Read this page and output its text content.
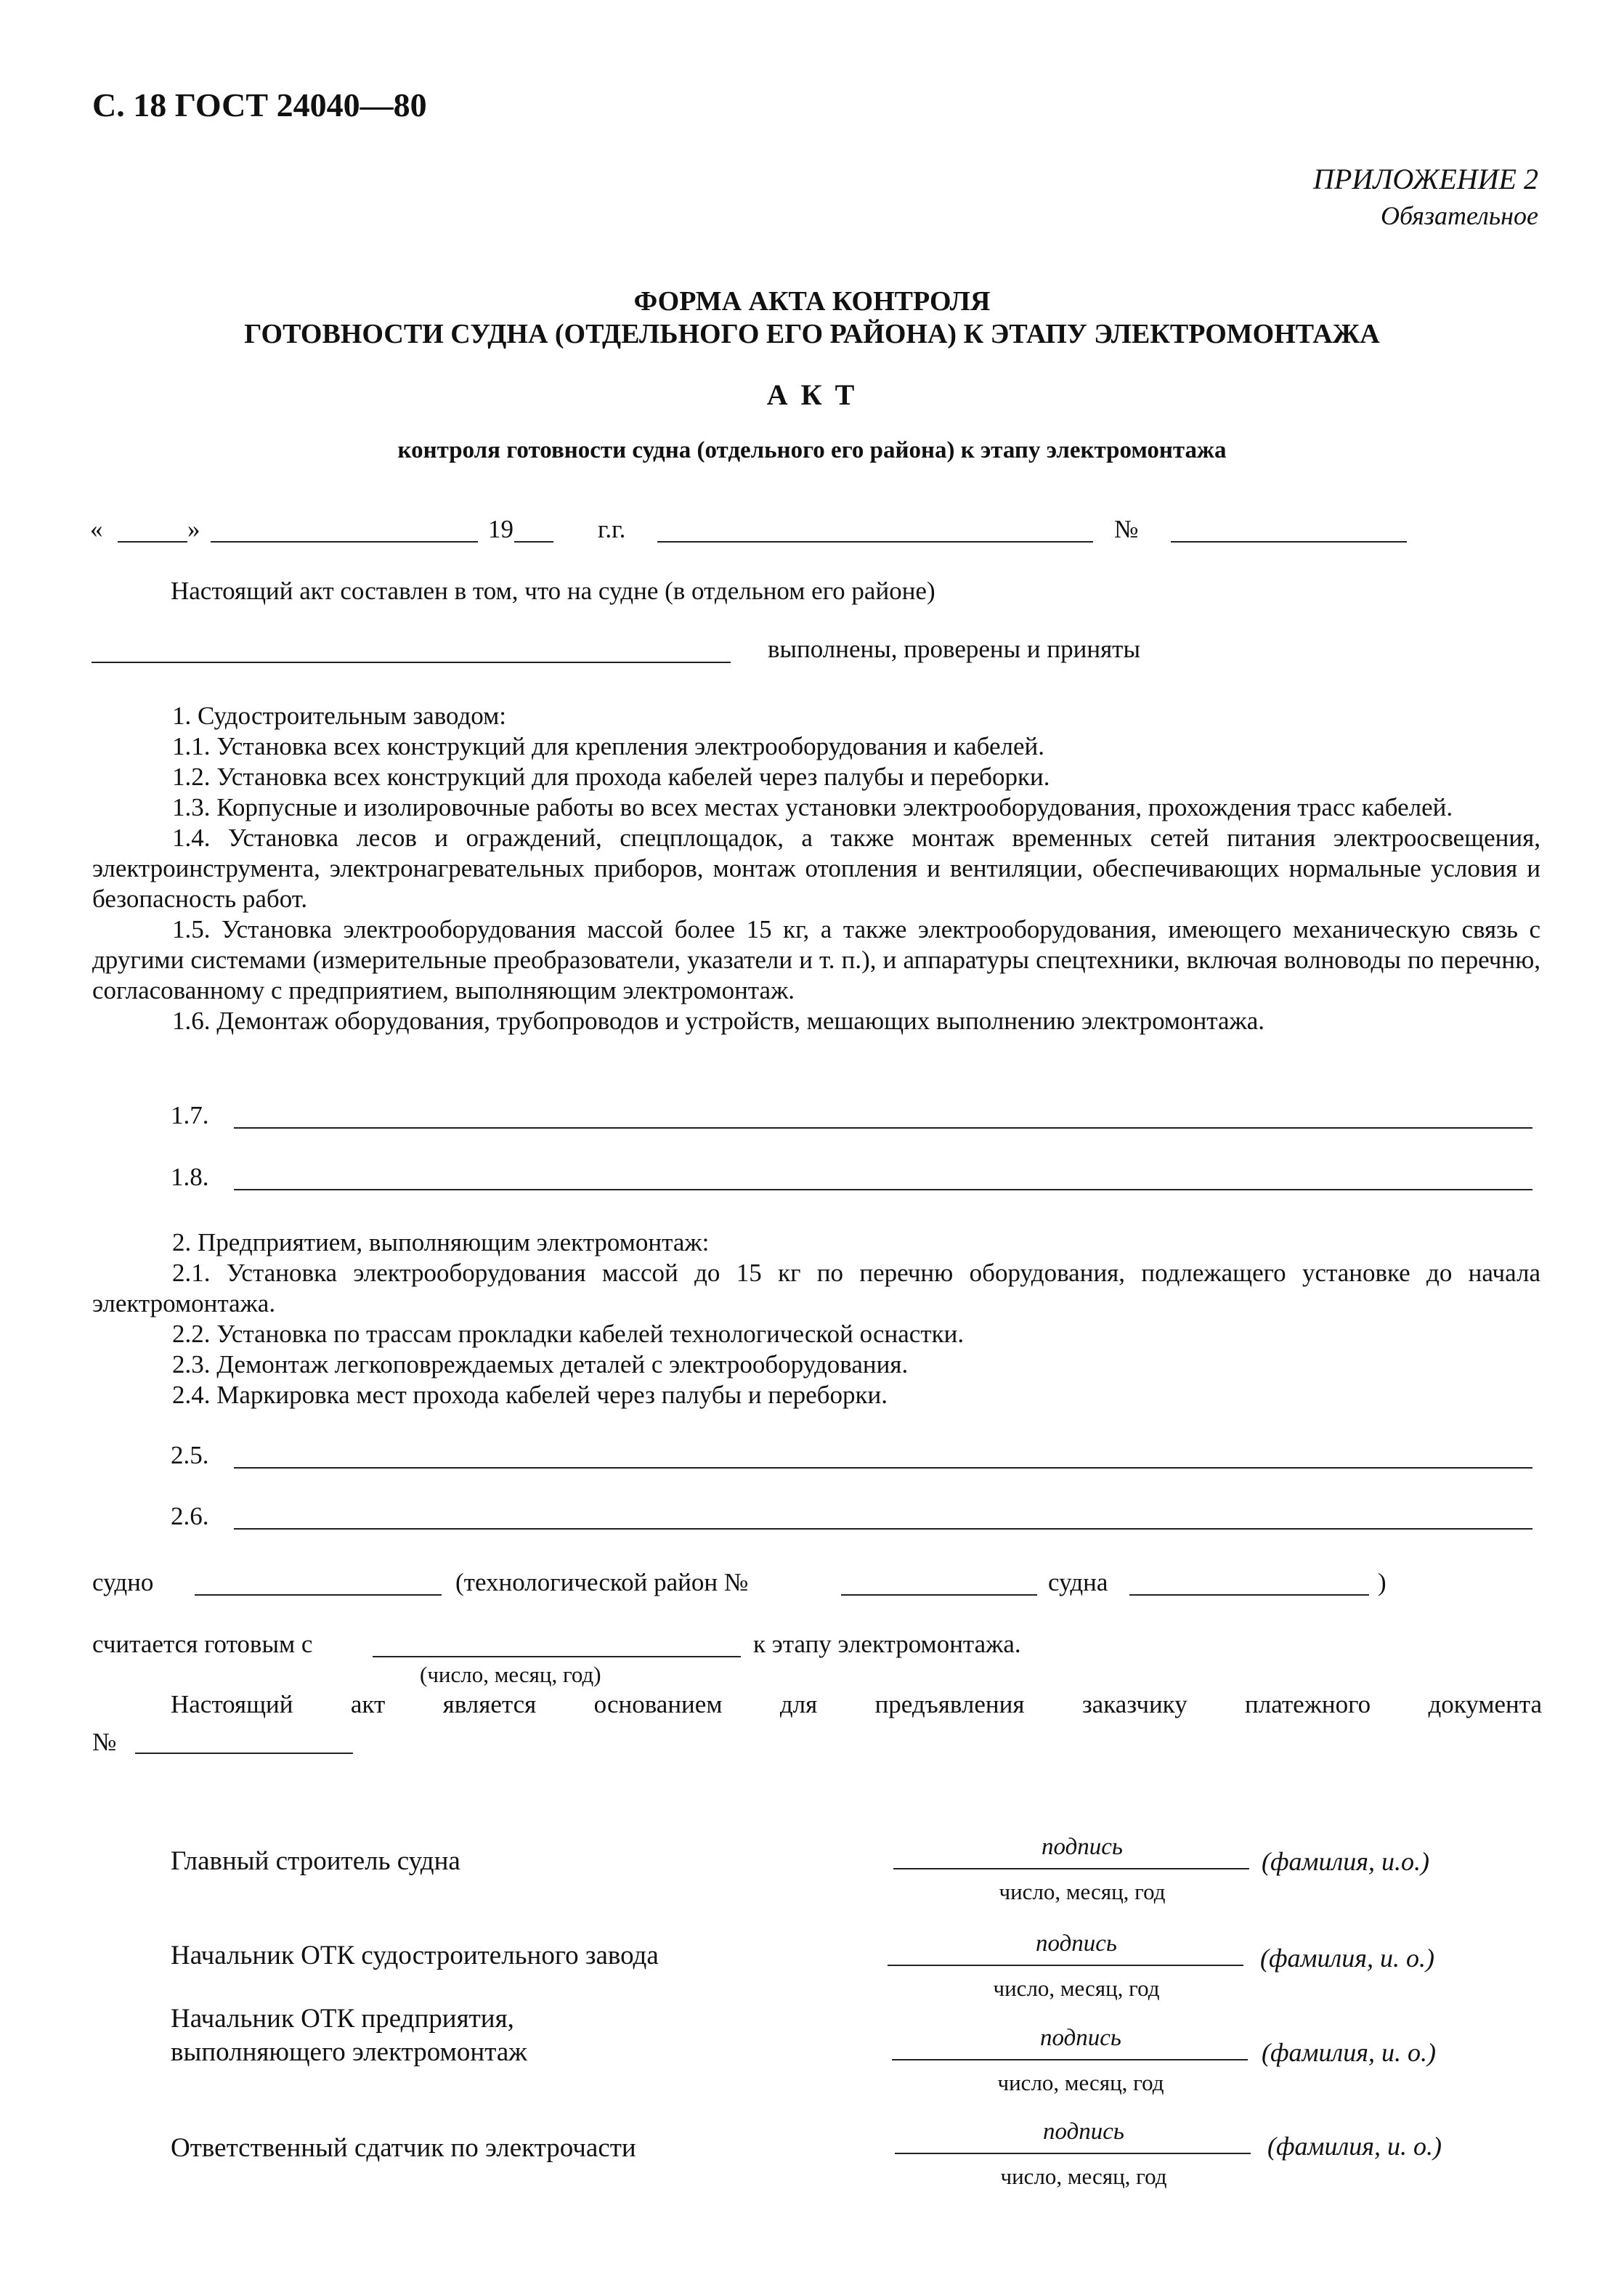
С. 18 ГОСТ 24040—80
ПРИЛОЖЕНИЕ 2
Обязательное
ФОРМА АКТА КОНТРОЛЯ
ГОТОВНОСТИ СУДНА (ОТДЕЛЬНОГО ЕГО РАЙОНА) К ЭТАПУ ЭЛЕКТРОМОНТАЖА
А К Т
контроля готовности судна (отдельного его района) к этапу электромонтажа
«	»	19	г.г.	№
Настоящий акт составлен в том, что на судне (в отдельном его районе)
выполнены, проверены и приняты

1. Судостроительным заводом:

1.1. Установка всех конструкций для крепления электрооборудования и кабелей.

1.2. Установка всех конструкций для прохода кабелей через палубы и переборки.

1.3. Корпусные и изолировочные работы во всех местах установки электрооборудования, прохождения трасс кабелей.

1.4. Установка лесов и ограждений, спецплощадок, а также монтаж временных сетей питания электроосвещения, электроинструмента, электронагревательных приборов, монтаж отопления и вентиляции, обеспечивающих нормальные условия и безопасность работ.

1.5. Установка электрооборудования массой более 15 кг, а также электрооборудования, имеющего механическую связь с другими системами (измерительные преобразователи, указатели и т. п.), и аппаратуры спецтехники, включая волноводы по перечню, согласованному с предприятием, выполняющим электромонтаж.

1.6. Демонтаж оборудования, трубопроводов и устройств, мешающих выполнению электромонтажа.

1.7.
1.8.

2. Предприятием, выполняющим электромонтаж:

2.1. Установка электрооборудования массой до 15 кг по перечню оборудования, подлежащего установке до начала электромонтажа.

2.2. Установка по трассам прокладки кабелей технологической оснастки.

2.3. Демонтаж легкоповреждаемых деталей с электрооборудования.

2.4. Маркировка мест прохода кабелей через палубы и переборки.

2.5.
2.6.
судно	(технологической район №	судна	)
считается готовым с	к этапу электромонтажа.
(число, месяц, год)
Настоящий акт является основанием для предъявления заказчику платежного документа
№
Главный строитель судна	подпись
число, месяц, год
(фамилия, и.о.)
Начальник ОТК судостроительного завода	подпись
число, месяц, год
(фамилия, и. о.)
Начальник ОТК предприятия,
выполняющего электромонтаж	подпись
число, месяц, год
(фамилия, и. о.)
Ответственный сдатчик по электрочасти
подпись
число, месяц, год
(фамилия, и. о.)
